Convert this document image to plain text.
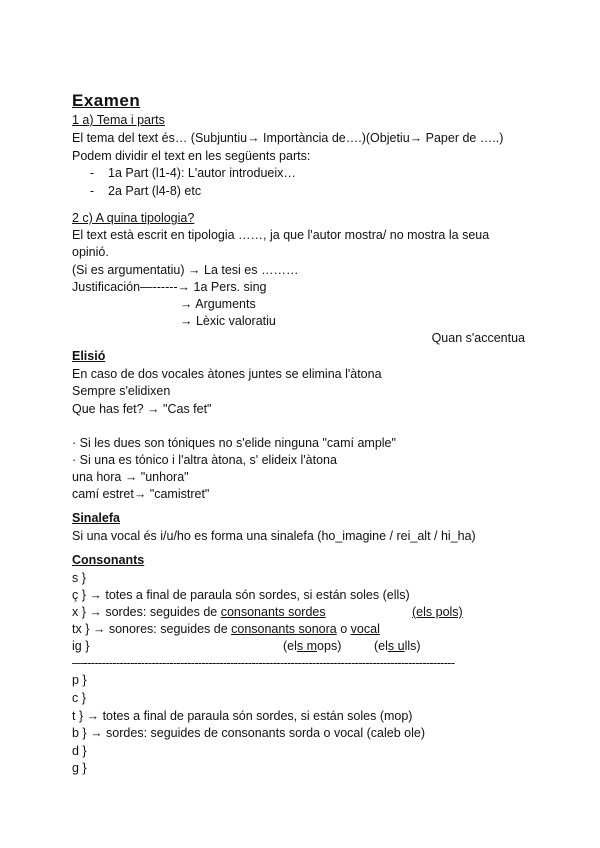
Examen
1 a) Tema i parts
El tema del text és… (Subjuntiu→ Importància de….)(Objetiu→ Paper de …..)
Podem dividir el text en les següents parts:
- 1a Part (l1-4): L'autor introdueix…
- 2a Part (l4-8) etc
2 c) A quina tipologia?
El text està escrit en tipologia ……, ja que l'autor mostra/ no mostra la seua
opinió.
(Si es argumentatiu) → La tesi es ………
Justificación—------→ 1a Pers. sing
→ Arguments
→ Lèxic valoratiu
Quan s'accentua
Elisió
En caso de dos vocales àtones juntes se elimina l'àtona
Sempre s'elidixen
Que has fet? → "Cas fet"
· Si les dues son tóniques no s'elide ninguna "camí ample"
· Si una es tónico i l'altra àtona, s' elideix l'àtona
una hora → "unhora"
camí estret→ "camistret"
Sinalefa
Si una vocal és i/u/ho es forma una sinalefa (ho_imagine / rei_alt / hi_ha)
Consonants
s }
ç } → totes a final de paraula són sordes, si están soles (ells)
x } → sordes: seguides de consonants sordes	(els pols)
tx } → sonores: seguides de consonants sonora o vocal
ig }	(els mops)	(els ulls)
—--------------------------------------------------------------------------------------------------------
p }
c }
t } → totes a final de paraula són sordes, si están soles (mop)
b } → sordes: seguides de consonants sorda o vocal (caleb ole)
d }
g }
